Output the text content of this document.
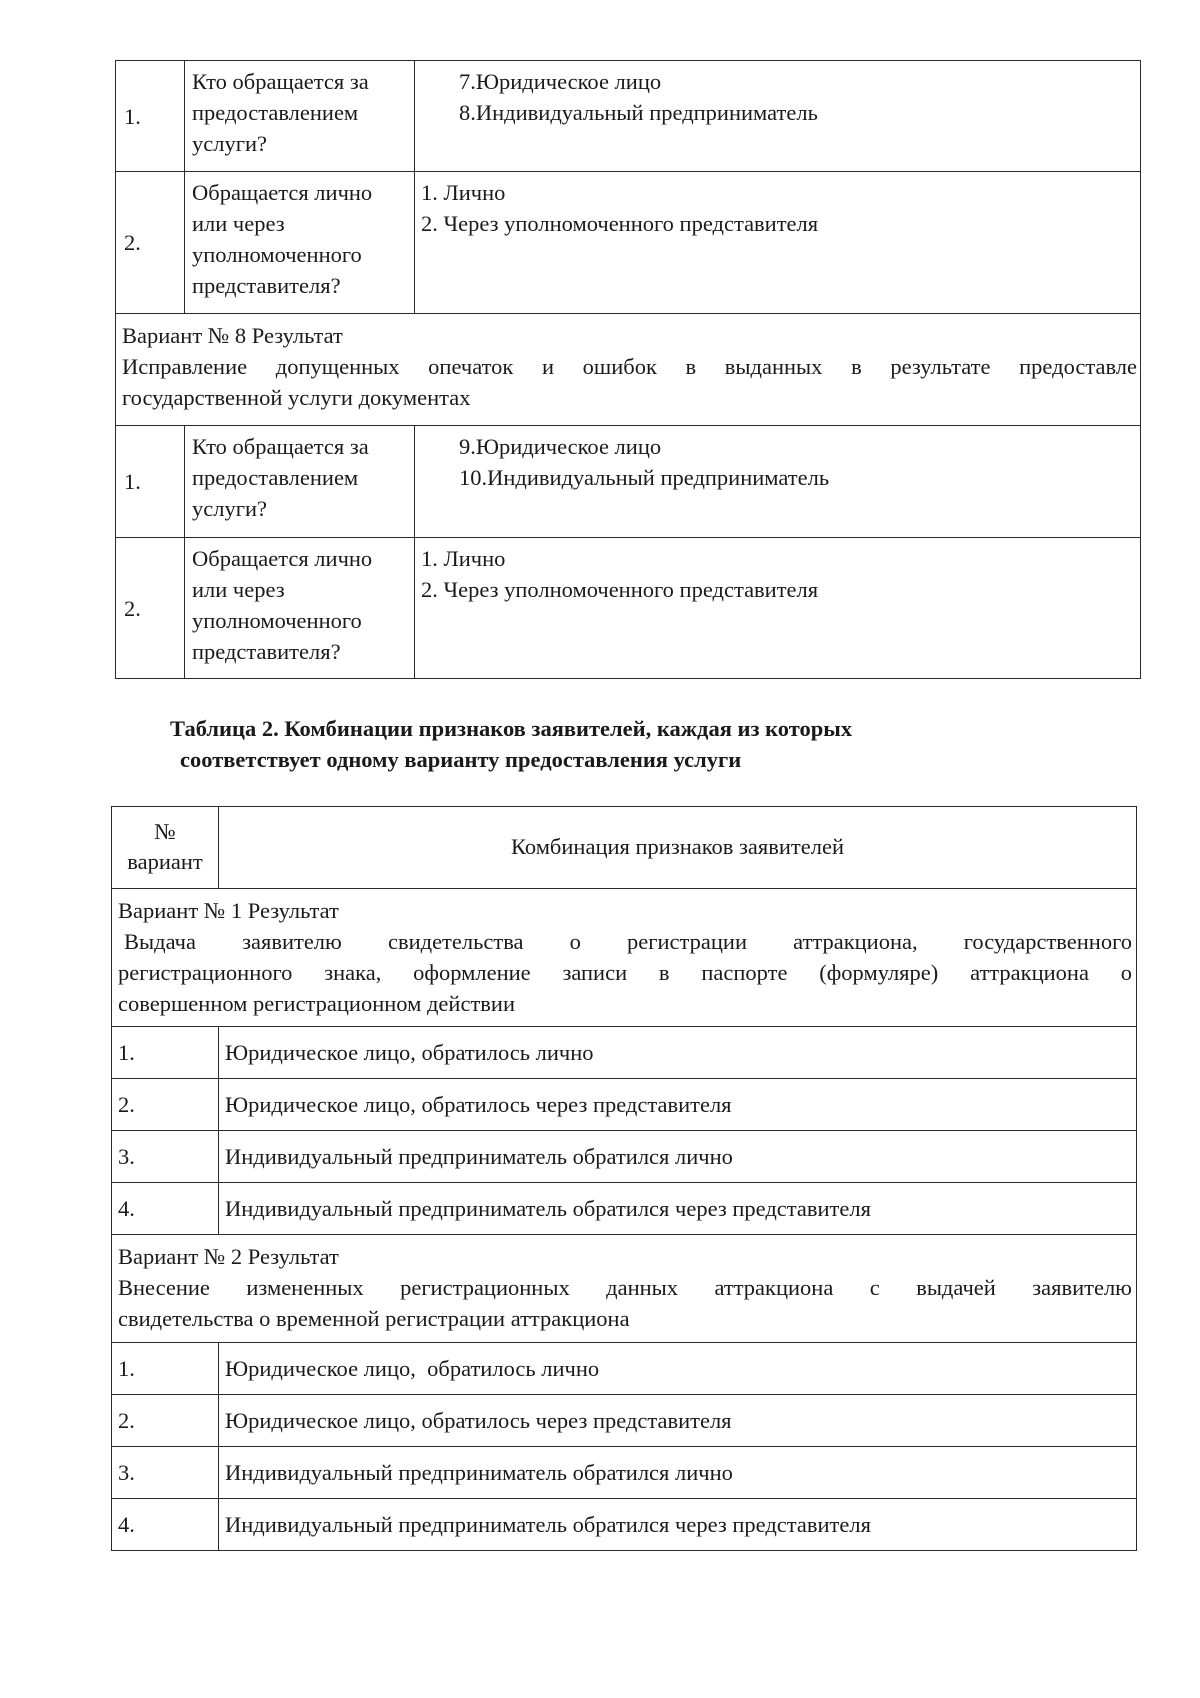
1.	Кто обращается за
предоставлением
услуги?	7.Юридическое лицо
8.Индивидуальный предприниматель

2.	Обращается лично
или через
уполномоченного
представителя?	1. Лично
2. Через уполномоченного представителя

Вариант № 8 Результат
Исправление допущенных опечаток и ошибок в выданных в результате предоставле
государственной услуги документах		

1.	Кто обращается за
предоставлением
услуги?	9.Юридическое лицо
10.Индивидуальный предприниматель

2.	Обращается лично
или через
уполномоченного
представителя?	1. Лично
2. Через уполномоченного представителя
Таблица 2. Комбинации признаков заявителей, каждая из которых
соответствует одному варианту предоставления услуги
№
вариант	Комбинация признаков заявителей

Вариант № 1 Результат
Выдача заявителю свидетельства о регистрации аттракциона, государственного
регистрационного знака, оформление записи в паспорте (формуляре) аттракциона о
совершенном регистрационном действии	

1.	Юридическое лицо, обратилось лично
2.	Юридическое лицо, обратилось через представителя
3.	Индивидуальный предприниматель обратился лично
4.	Индивидуальный предприниматель обратился через представителя

Вариант № 2 Результат
Внесение измененных регистрационных данных аттракциона с выдачей заявителю
свидетельства о временной регистрации аттракциона	

1.	Юридическое лицо,  обратилось лично
2.	Юридическое лицо, обратилось через представителя
3.	Индивидуальный предприниматель обратился лично
4.	Индивидуальный предприниматель обратился через представителя
